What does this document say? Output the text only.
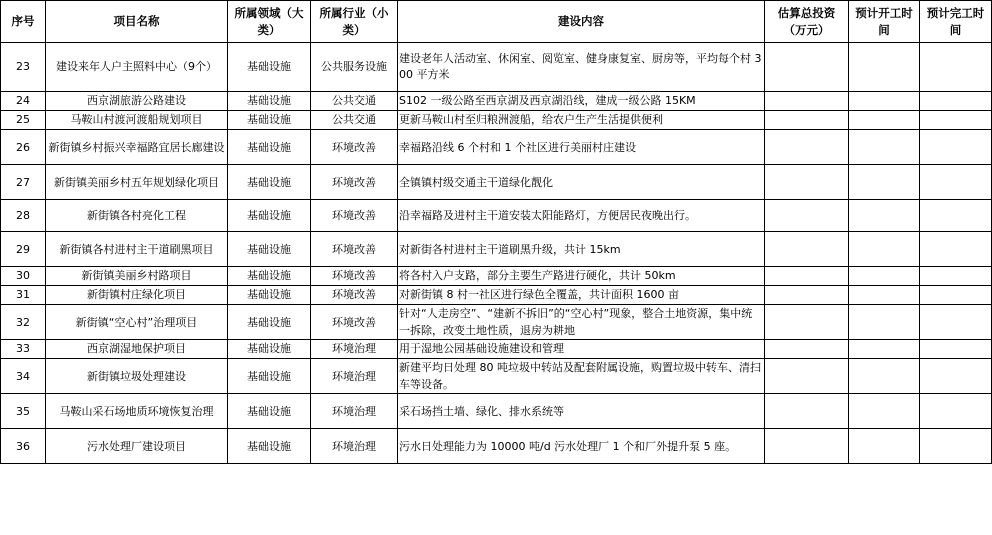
序号	项目名称	所属领域（大类）	所属行业（小类）	建设内容	估算总投资（万元）	预计开工时间	预计完工时间
23	建设来年人户主照料中心（9个）	基础设施	公共服务设施	建设老年人活动室、休闲室、阅览室、健身康复室、厨房等，平均每个村 300 平方米			
24	西京湖旅游公路建设	基础设施	公共交通	S102 一级公路至西京湖及西京湖沿线，建成一级公路 15KM			
25	马鞍山村渡河渡船规划项目	基础设施	公共交通	更新马鞍山村至归粮洲渡船，给农户生产生活提供便利			
26	新街镇乡村振兴幸福路宜居长廊建设	基础设施	环境改善	幸福路沿线 6 个村和 1 个社区进行美丽村庄建设			
27	新街镇美丽乡村五年规划绿化项目	基础设施	环境改善	全镇镇村级交通主干道绿化靓化			
28	新街镇各村亮化工程	基础设施	环境改善	沿幸福路及进村主干道安装太阳能路灯，方便居民夜晚出行。			
29	新街镇各村进村主干道刷黑项目	基础设施	环境改善	对新街各村进村主干道刷黑升级，共计 15km			
30	新街镇美丽乡村路项目	基础设施	环境改善	将各村入户支路，部分主要生产路进行硬化，共计 50km			
31	新街镇村庄绿化项目	基础设施	环境改善	对新街镇 8 村一社区进行绿色全覆盖，共计面积 1600 亩			
32	新街镇“空心村”治理项目	基础设施	环境改善	针对“人走房空”、“建新不拆旧”的“空心村”现象，整合土地资源，集中统一拆除，改变土地性质，退房为耕地			
33	西京湖湿地保护项目	基础设施	环境治理	用于湿地公园基础设施建设和管理			
34	新街镇垃圾处理建设	基础设施	环境治理	新建平均日处理 80 吨垃圾中转站及配套附属设施，购置垃圾中转车、清扫车等设备。			
35	马鞍山采石场地质环境恢复治理	基础设施	环境治理	采石场挡土墙、绿化、排水系统等			
36	污水处理厂建设项目	基础设施	环境治理	污水日处理能力为 10000 吨/d 污水处理厂 1 个和厂外提升泵 5 座。			
